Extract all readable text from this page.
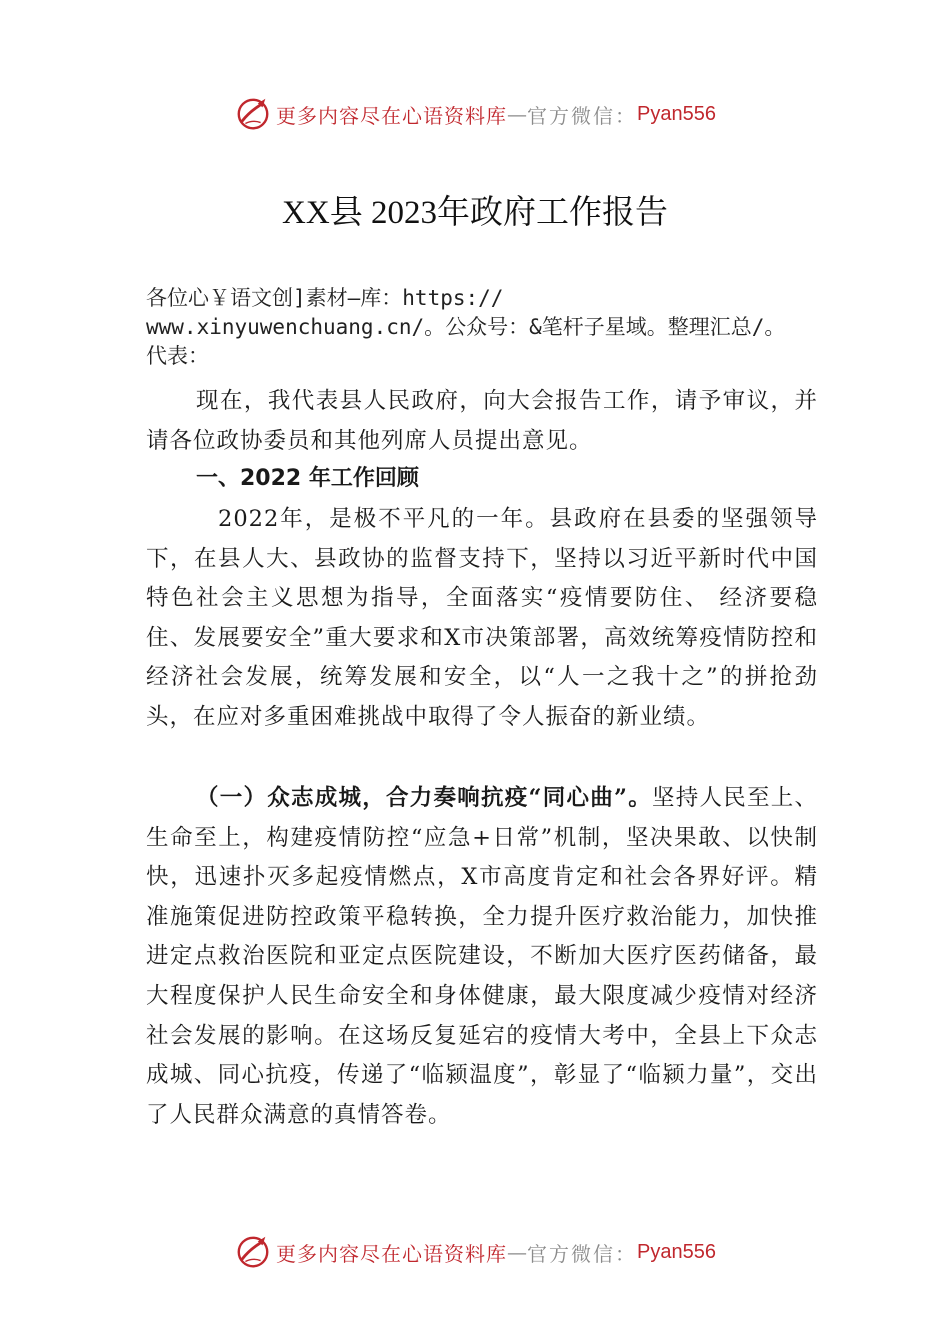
更多内容尽在心语资料库 — 官方微信： Pyan556
XX县 2023年政府工作报告
各位心￥语文创]素材—库：https://
www.xinyuwenchuang.cn/。公众号：&笔杆子星域。整理汇总/。
代表：

现在，我代表县人民政府，向大会报告工作，请予审议，并请各位政协委员和其他列席人员提出意见。

一、2022 年工作回顾

2022年，是极不平凡的一年。县政府在县委的坚强领导下，在县人大、县政协的监督支持下，坚持以习近平新时代中国特色社会主义思想为指导，全面落实“疫情要防住、 经济要稳住、发展要安全”重大要求和X市决策部署，高效统筹疫情防控和经济社会发展，统筹发展和安全，以“人一之我十之”的拼抢劲头，在应对多重困难挑战中取得了令人振奋的新业绩。

（一）众志成城，合力奏响抗疫“同心曲”。坚持人民至上、生命至上，构建疫情防控“应急+日常”机制，坚决果敢、以快制快，迅速扑灭多起疫情燃点，X市高度肯定和社会各界好评。精准施策促进防控政策平稳转换，全力提升医疗救治能力，加快推进定点救治医院和亚定点医院建设，不断加大医疗医药储备，最大程度保护人民生命安全和身体健康，最大限度减少疫情对经济社会发展的影响。在这场反复延宕的疫情大考中，全县上下众志成城、同心抗疫，传递了“临颍温度”，彰显了“临颍力量”，交出了人民群众满意的真情答卷。

更多内容尽在心语资料库 — 官方微信： Pyan556
